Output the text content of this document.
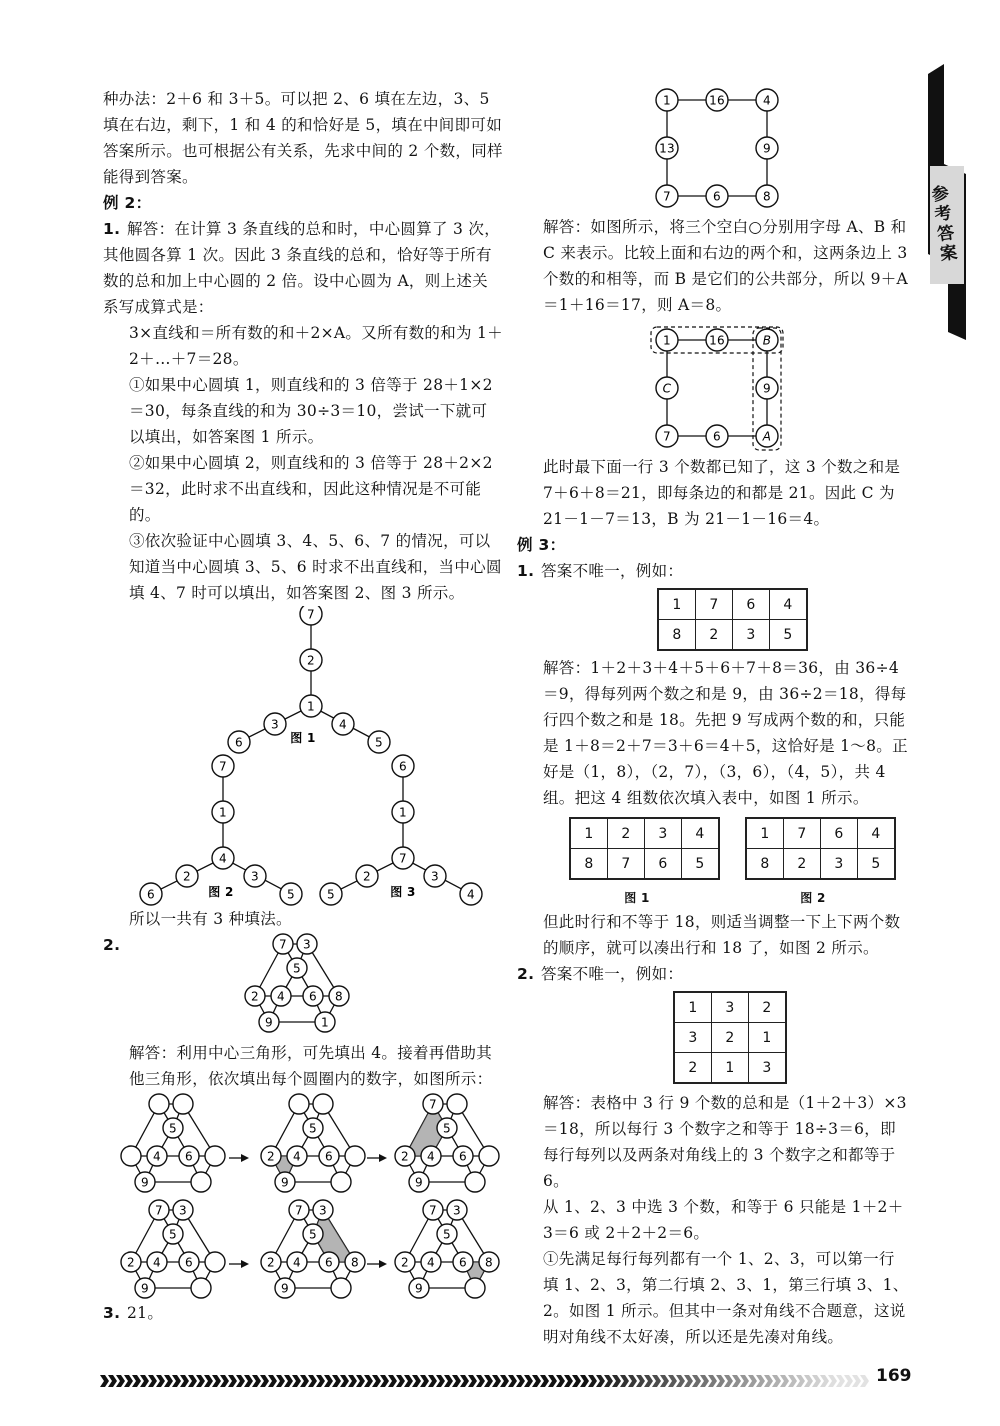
参考答案

种办法：2＋6 和 3＋5。可以把 2、6 填在左边，3、5 填在右边，剩下，1 和 4 的和恰好是 5，填在中间即可如答案所示。也可根据公有关系，先求中间的 2 个数，同样能得到答案。

例 2：

1. 解答：在计算 3 条直线的总和时，中心圆算了 3 次，其他圆各算 1 次。因此 3 条直线的总和，恰好等于所有数的总和加上中心圆的 2 倍。设中心圆为 A，则上述关系写成算式是：

3×直线和＝所有数的和＋2×A。又所有数的和为 1＋2＋…＋7＝28。

①如果中心圆填 1，则直线和的 3 倍等于 28＋1×2＝30，每条直线的和为 30÷3＝10，尝试一下就可以填出，如答案图 1 所示。

②如果中心圆填 2，则直线和的 3 倍等于 28＋2×2＝32，此时求不出直线和，因此这种情况是不可能的。

③依次验证中心圆填 3、4、5、6、7 的情况，可以知道当中心圆填 3、5、6 时求不出直线和，当中心圆填 4、7 时可以填出，如答案图 2、图 3 所示。

7
2
1
3
6
4
5
图 1
7
1
4
2
6
3
5
图 2
6
1
7
2
5
3
4
图 3

所以一共有 3 种填法。

2.	7 3
5
2 4 6 8
9	1

解答：利用中心三角形，可先填出 4。接着再借助其他三角形，依次填出每个圆圈内的数字，如图所示：

5
4 6
9
5
2 4 6
9
7
5
2 4 6
9
7 3
5
2 4 6
9
7 3
5
2 4 6 8
9
7 3
5
2 4 6 8
9

3. 21。

1	16	4
13	9
7	6	8

解答：如图所示，将三个空白○分别用字母 A、B 和 C 来表示。比较上面和右边的两个和，这两条边上 3 个数的和相等，而 B 是它们的公共部分，所以 9＋A＝1＋16＝17，则 A＝8。

1	16	B
C	9
7	6	A

此时最下面一行 3 个数都已知了，这 3 个数之和是 7＋6＋8＝21，即每条边的和都是 21。因此 C 为 21－1－7＝13，B 为 21－1－16＝4。

例 3：

1. 答案不唯一，例如：

1	7	6	4
8	2	3	5

解答：1＋2＋3＋4＋5＋6＋7＋8＝36，由 36÷4＝9，得每列两个数之和是 9，由 36÷2＝18，得每行四个数之和是 18。先把 9 写成两个数的和，只能是 1＋8＝2＋7＝3＋6＝4＋5，这恰好是 1～8。正好是（1，8），（2，7），（3，6），（4，5），共 4 组。把这 4 组数依次填入表中，如图 1 所示。

1	2	3	4
8	7	6	5
图 1
1	7	6	4
8	2	3	5
图 2

但此时行和不等于 18，则适当调整一下上下两个数的顺序，就可以凑出行和 18 了，如图 2 所示。

2. 答案不唯一，例如：

1	3	2
3	2	1
2	1	3

解答：表格中 3 行 9 个数的总和是（1＋2＋3）×3＝18，所以每行 3 个数字之和等于 18÷3＝6，即每行每列以及两条对角线上的 3 个数字之和都等于 6。

从 1、2、3 中选 3 个数，和等于 6 只能是 1＋2＋3＝6 或 2＋2＋2＝6。

①先满足每行每列都有一个 1、2、3，可以第一行填 1、2、3，第二行填 2、3、1，第三行填 3、1、2。如图 1 所示。但其中一条对角线不合题意，这说明对角线不太好凑，所以还是先凑对角线。

169
